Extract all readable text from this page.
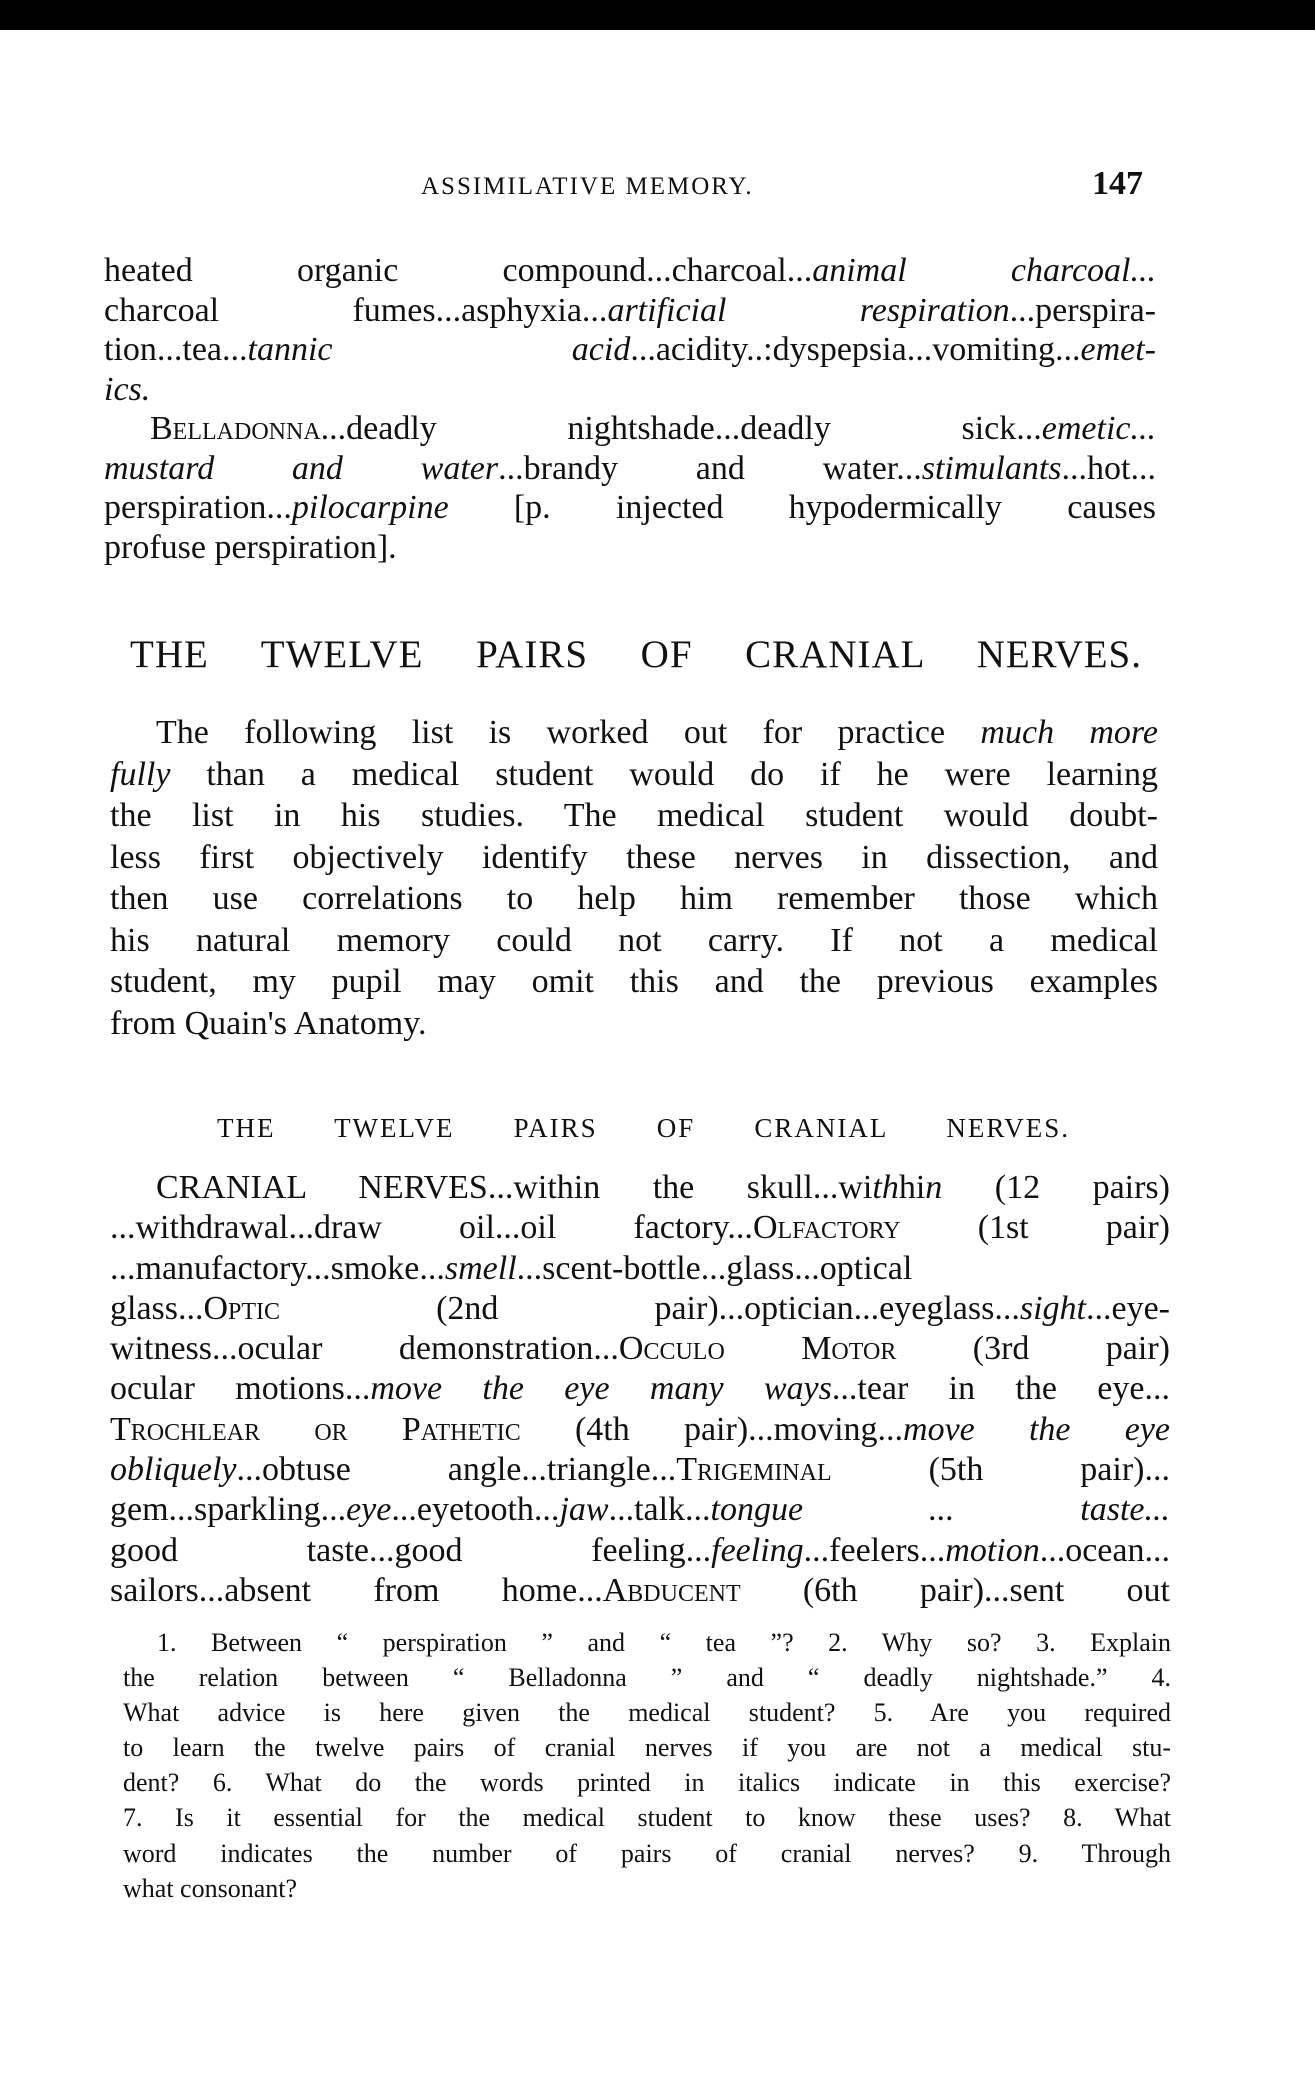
ASSIMILATIVE MEMORY.	147
heated organic compound...charcoal...animal charcoal...
charcoal fumes...asphyxia...artificial respiration...perspira-
tion...tea...tannic acid...acidity..:dyspepsia...vomiting...emet-
ics.
Belladonna...deadly nightshade...deadly sick...emetic...
mustard and water...brandy and water...stimulants...hot...
perspiration...pilocarpine [p. injected hypodermically causes
profuse perspiration].
THE TWELVE PAIRS OF CRANIAL NERVES.
The following list is worked out for practice much more
fully than a medical student would do if he were learning
the list in his studies. The medical student would doubt-
less first objectively identify these nerves in dissection, and
then use correlations to help him remember those which
his natural memory could not carry. If not a medical
student, my pupil may omit this and the previous examples
from Quain's Anatomy.
THE TWELVE PAIRS OF CRANIAL NERVES.
CRANIAL NERVES...within the skull...withhin (12 pairs)
...withdrawal...draw oil...oil factory...Olfactory (1st pair)
...manufactory...smoke...smell...scent-bottle...glass...optical
glass...Optic (2nd pair)...optician...eyeglass...sight...eye-
witness...ocular demonstration...Occulo Motor (3rd pair)
ocular motions...move the eye many ways...tear in the eye...
Trochlear or Pathetic (4th pair)...moving...move the eye
obliquely...obtuse angle...triangle...Trigeminal (5th pair)...
gem...sparkling...eye...eyetooth...jaw...talk...tongue ... taste...
good taste...good feeling...feeling...feelers...motion...ocean...
sailors...absent from home...Abducent (6th pair)...sent out
1. Between “ perspiration ” and “ tea ”? 2. Why so? 3. Explain
the relation between “ Belladonna ” and “ deadly nightshade.” 4.
What advice is here given the medical student? 5. Are you required
to learn the twelve pairs of cranial nerves if you are not a medical stu-
dent? 6. What do the words printed in italics indicate in this exercise?
7. Is it essential for the medical student to know these uses? 8. What
word indicates the number of pairs of cranial nerves? 9. Through
what consonant?
